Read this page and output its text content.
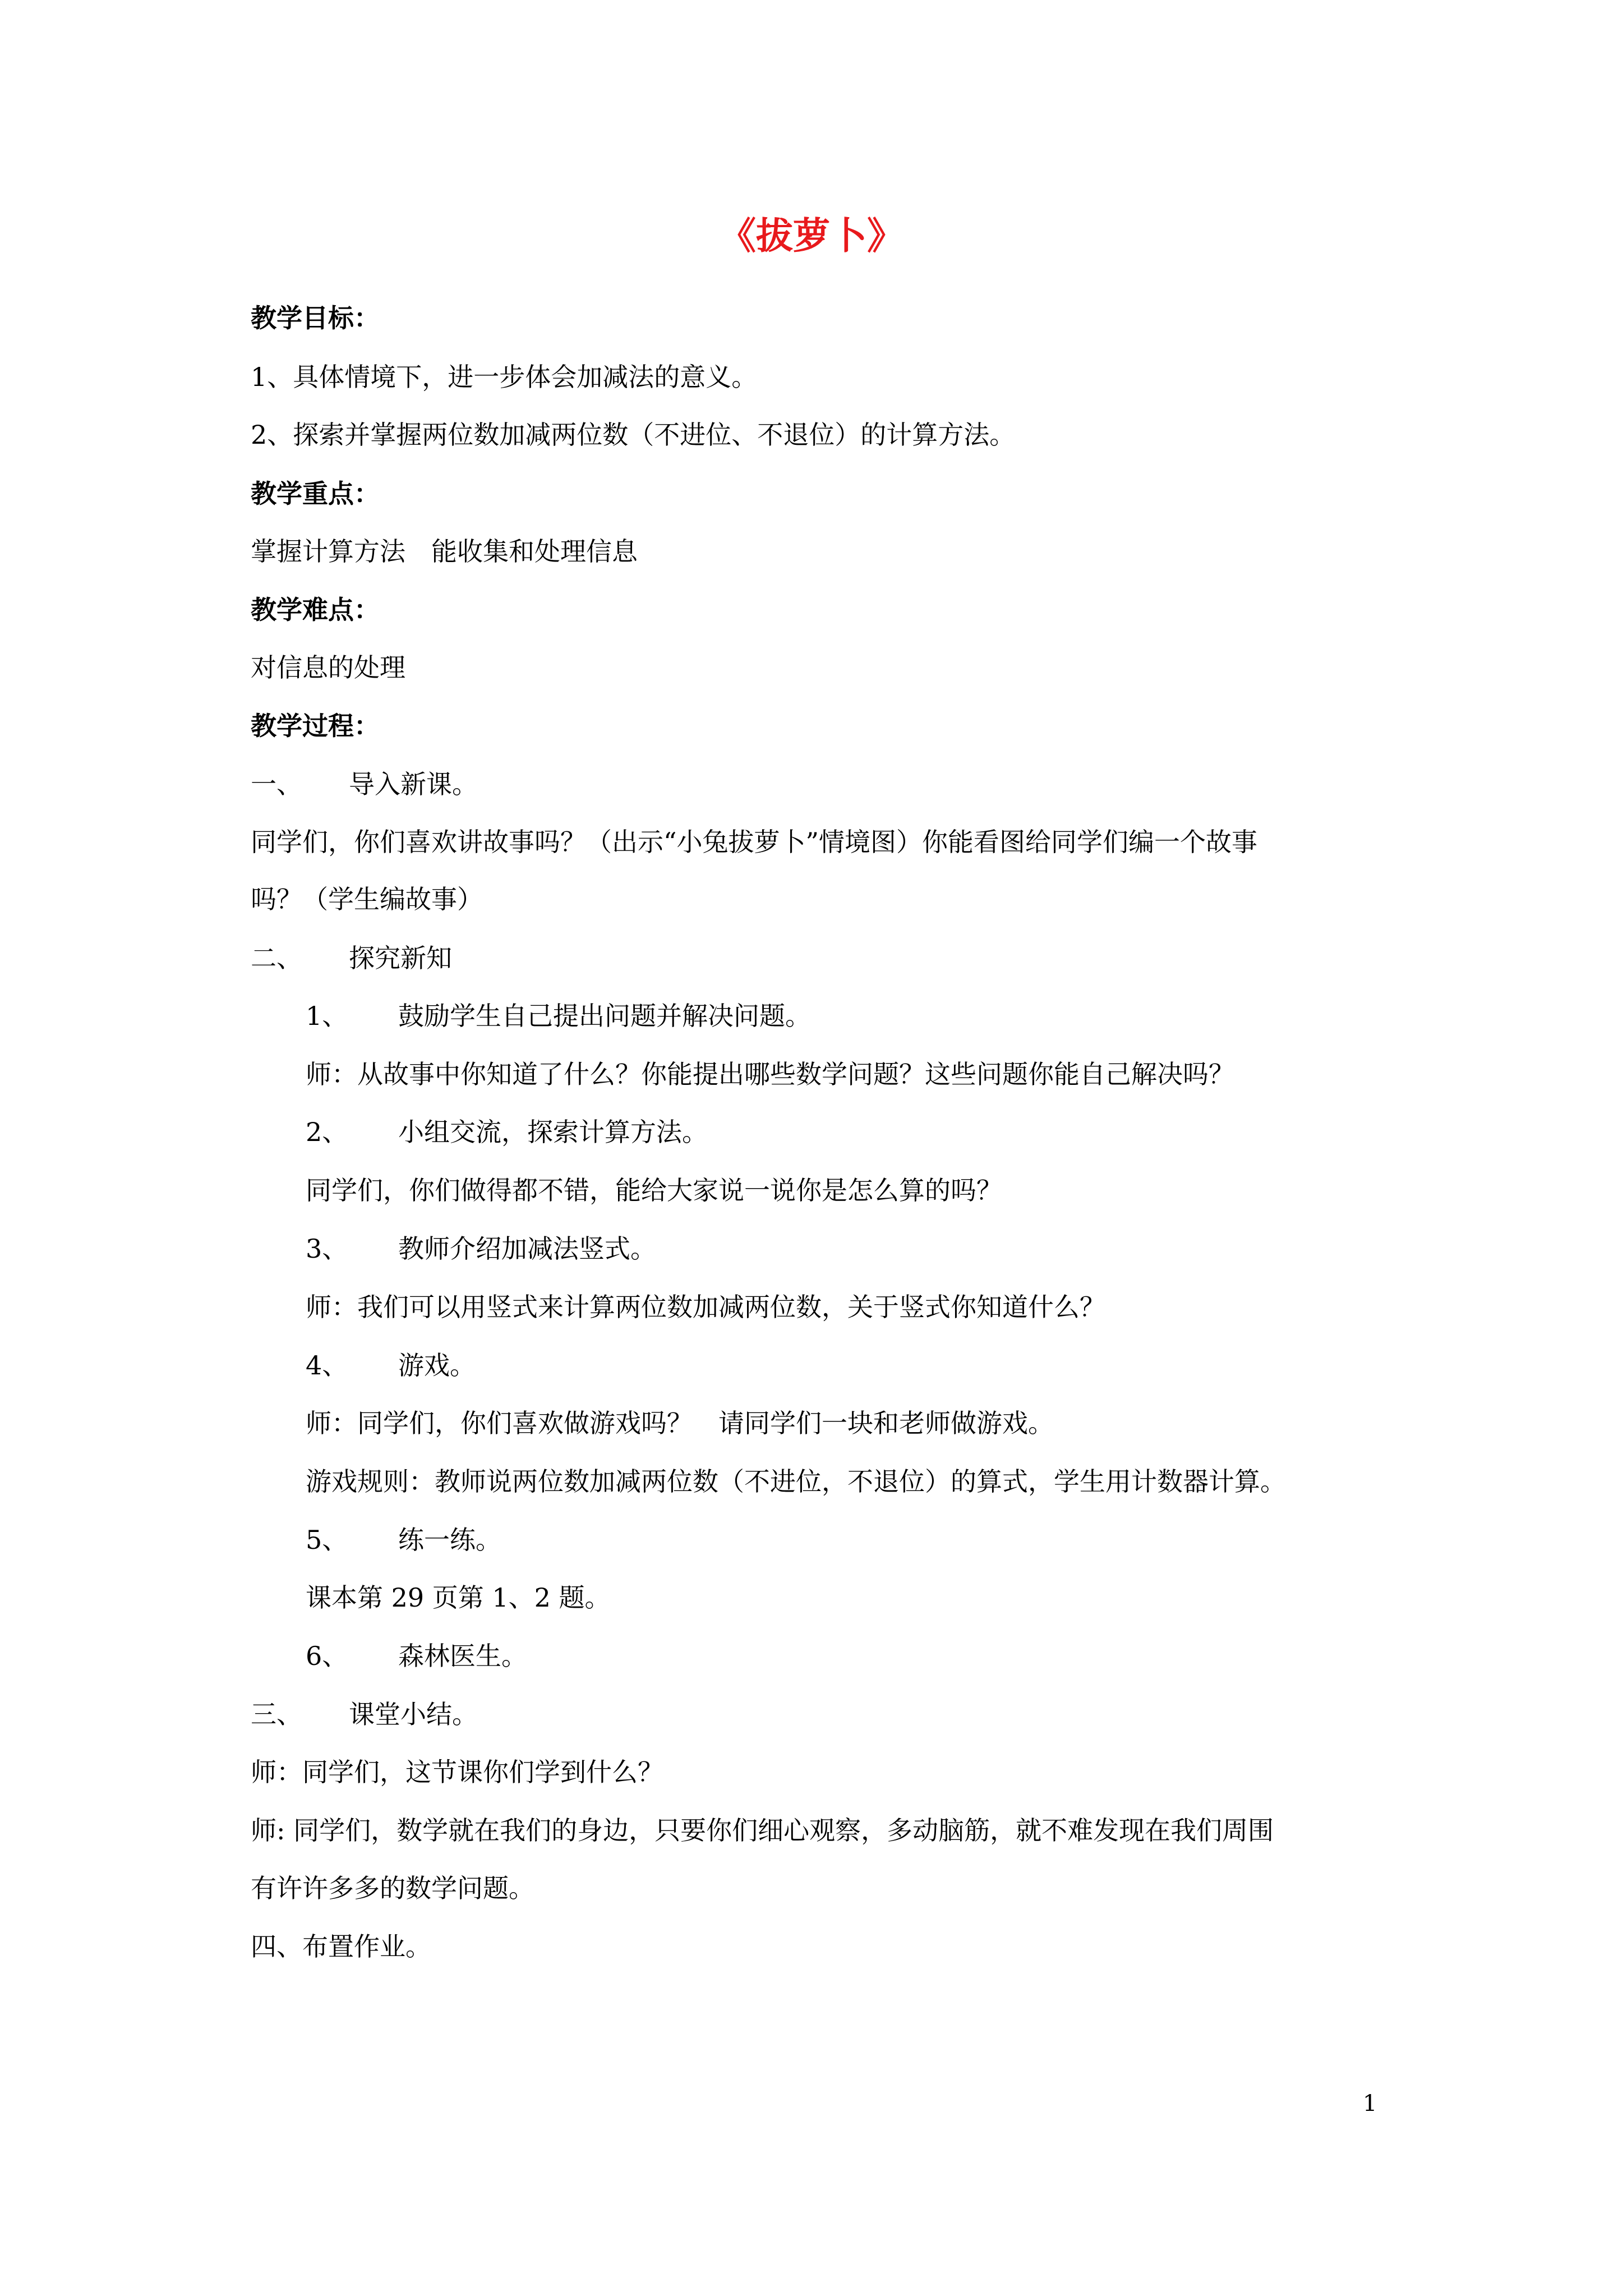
《拔萝卜》
教学目标：
1、具体情境下，进一步体会加减法的意义。
2、探索并掌握两位数加减两位数（不进位、不退位）的计算方法。
教学重点：
掌握计算方法　能收集和处理信息
教学难点：
对信息的处理
教学过程：
一、 导入新课。
同学们，你们喜欢讲故事吗？（出示“小兔拔萝卜”情境图）你能看图给同学们编一个故事
吗？（学生编故事）
二、 探究新知
1、 鼓励学生自己提出问题并解决问题。
师：从故事中你知道了什么？你能提出哪些数学问题？这些问题你能自己解决吗？
2、 小组交流，探索计算方法。
同学们，你们做得都不错，能给大家说一说你是怎么算的吗？
3、 教师介绍加减法竖式。
师：我们可以用竖式来计算两位数加减两位数，关于竖式你知道什么？
4、 游戏。
师：同学们，你们喜欢做游戏吗？　请同学们一块和老师做游戏。
游戏规则：教师说两位数加减两位数（不进位，不退位）的算式，学生用计数器计算。
5、 练一练。
课本第 29 页第 1、2 题。
6、 森林医生。
三、 课堂小结。
师：同学们，这节课你们学到什么？
师: 同学们，数学就在我们的身边，只要你们细心观察，多动脑筋，就不难发现在我们周围
有许许多多的数学问题。
四、布置作业。
1
